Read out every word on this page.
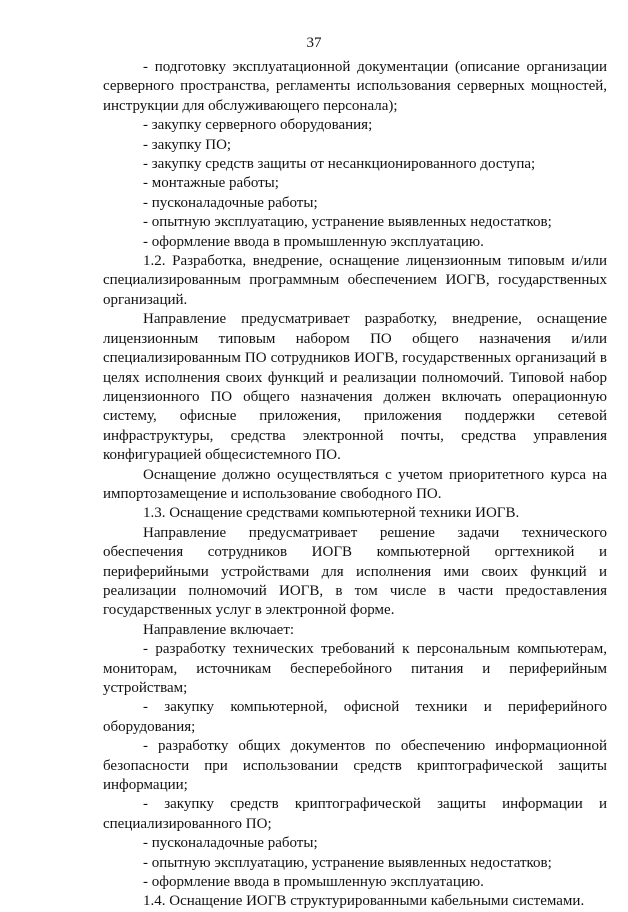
37

- подготовку эксплуатационной документации (описание организации серверного пространства, регламенты использования серверных мощностей, инструкции для обслуживающего персонала);

- закупку серверного оборудования;

- закупку ПО;

- закупку средств защиты от несанкционированного доступа;

- монтажные работы;

- пусконаладочные работы;

- опытную эксплуатацию, устранение выявленных недостатков;

- оформление ввода в промышленную эксплуатацию.

1.2. Разработка, внедрение, оснащение лицензионным типовым и/или специализированным программным обеспечением ИОГВ, государственных организаций.

Направление предусматривает разработку, внедрение, оснащение лицензионным типовым набором ПО общего назначения и/или специализированным ПО сотрудников ИОГВ, государственных организаций в целях исполнения своих функций и реализации полномочий. Типовой набор лицензионного ПО общего назначения должен включать операционную систему, офисные приложения, приложения поддержки сетевой инфраструктуры, средства электронной почты, средства управления конфигурацией общесистемного ПО.

Оснащение должно осуществляться с учетом приоритетного курса на импортозамещение и использование свободного ПО.

1.3. Оснащение средствами компьютерной техники ИОГВ.

Направление предусматривает решение задачи технического обеспечения сотрудников ИОГВ компьютерной оргтехникой и периферийными устройствами для исполнения ими своих функций и реализации полномочий ИОГВ, в том числе в части предоставления государственных услуг в электронной форме.

Направление включает:

- разработку технических требований к персональным компьютерам, мониторам, источникам бесперебойного питания и периферийным устройствам;

- закупку компьютерной, офисной техники и периферийного оборудования;

- разработку общих документов по обеспечению информационной безопасности при использовании средств криптографической защиты информации;

- закупку средств криптографической защиты информации и специализированного ПО;

- пусконаладочные работы;

- опытную эксплуатацию, устранение выявленных недостатков;

- оформление ввода в промышленную эксплуатацию.

1.4. Оснащение ИОГВ структурированными кабельными системами.
